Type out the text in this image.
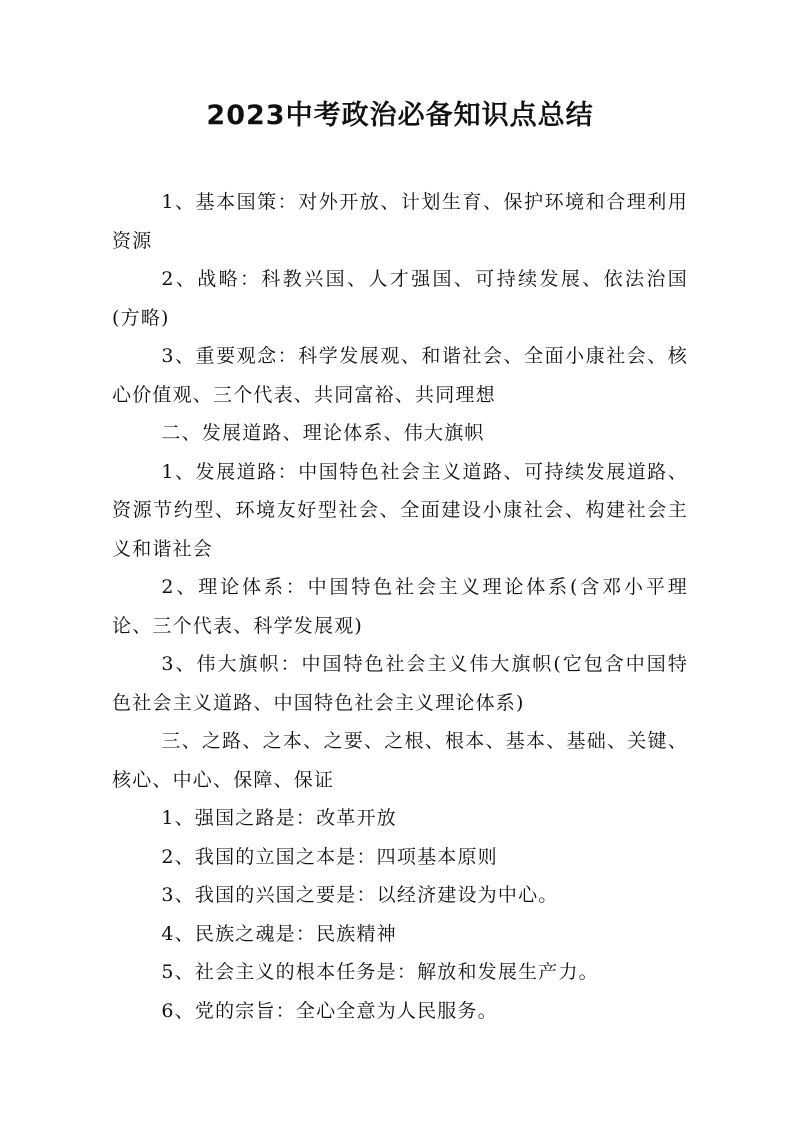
2023中考政治必备知识点总结

1、基本国策：对外开放、计划生育、保护环境和合理利用资源

2、战略：科教兴国、人才强国、可持续发展、依法治国(方略)

3、重要观念：科学发展观、和谐社会、全面小康社会、核心价值观、三个代表、共同富裕、共同理想

二、发展道路、理论体系、伟大旗帜

1、发展道路：中国特色社会主义道路、可持续发展道路、资源节约型、环境友好型社会、全面建设小康社会、构建社会主义和谐社会

2、理论体系：中国特色社会主义理论体系(含邓小平理论、三个代表、科学发展观)

3、伟大旗帜：中国特色社会主义伟大旗帜(它包含中国特色社会主义道路、中国特色社会主义理论体系)

三、之路、之本、之要、之根、根本、基本、基础、关键、核心、中心、保障、保证

1、强国之路是：改革开放

2、我国的立国之本是：四项基本原则

3、我国的兴国之要是：以经济建设为中心。

4、民族之魂是：民族精神

5、社会主义的根本任务是：解放和发展生产力。

6、党的宗旨：全心全意为人民服务。
